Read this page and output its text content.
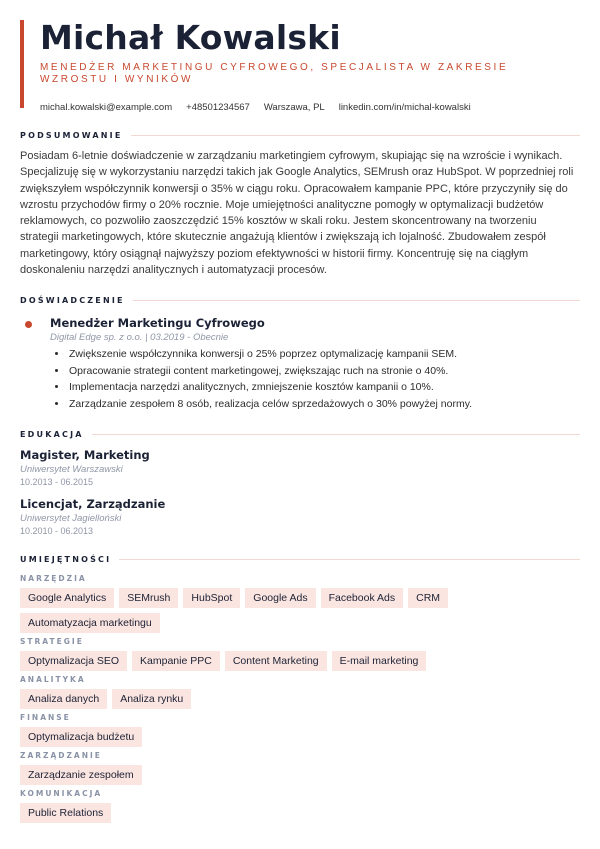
Michał Kowalski
MENEDŻER MARKETINGU CYFROWEGO, SPECJALISTA W ZAKRESIE WZROSTU I WYNIKÓW
michal.kowalski@example.com +48501234567 Warszawa, PL linkedin.com/in/michal-kowalski
PODSUMOWANIE
Posiadam 6-letnie doświadczenie w zarządzaniu marketingiem cyfrowym, skupiając się na wzroście i wynikach. Specjalizuję się w wykorzystaniu narzędzi takich jak Google Analytics, SEMrush oraz HubSpot. W poprzedniej roli zwiększyłem współczynnik konwersji o 35% w ciągu roku. Opracowałem kampanie PPC, które przyczyniły się do wzrostu przychodów firmy o 20% rocznie. Moje umiejętności analityczne pomogły w optymalizacji budżetów reklamowych, co pozwoliło zaoszczędzić 15% kosztów w skali roku. Jestem skoncentrowany na tworzeniu strategii marketingowych, które skutecznie angażują klientów i zwiększają ich lojalność. Zbudowałem zespół marketingowy, który osiągnął najwyższy poziom efektywności w historii firmy. Koncentruję się na ciągłym doskonaleniu narzędzi analitycznych i automatyzacji procesów.
DOŚWIADCZENIE
Menedżer Marketingu Cyfrowego
Digital Edge sp. z o.o. | 03.2019 - Obecnie
• Zwiększenie współczynnika konwersji o 25% poprzez optymalizację kampanii SEM.
• Opracowanie strategii content marketingowej, zwiększając ruch na stronie o 40%.
• Implementacja narzędzi analitycznych, zmniejszenie kosztów kampanii o 10%.
• Zarządzanie zespołem 8 osób, realizacja celów sprzedażowych o 30% powyżej normy.
EDUKACJA
Magister, Marketing
Uniwersytet Warszawski
10.2013 - 06.2015
Licencjat, Zarządzanie
Uniwersytet Jagielloński
10.2010 - 06.2013
UMIEJĘTNOŚCI
NARZĘDZIA
Google Analytics	SEMrush	HubSpot	Google Ads	Facebook Ads	CRM
Automatyzacja marketingu
STRATEGIE
Optymalizacja SEO	Kampanie PPC	Content Marketing	E-mail marketing
ANALITYKA
Analiza danych	Analiza rynku
FINANSE
Optymalizacja budżetu
ZARZĄDZANIE
Zarządzanie zespołem
KOMUNIKACJA
Public Relations
